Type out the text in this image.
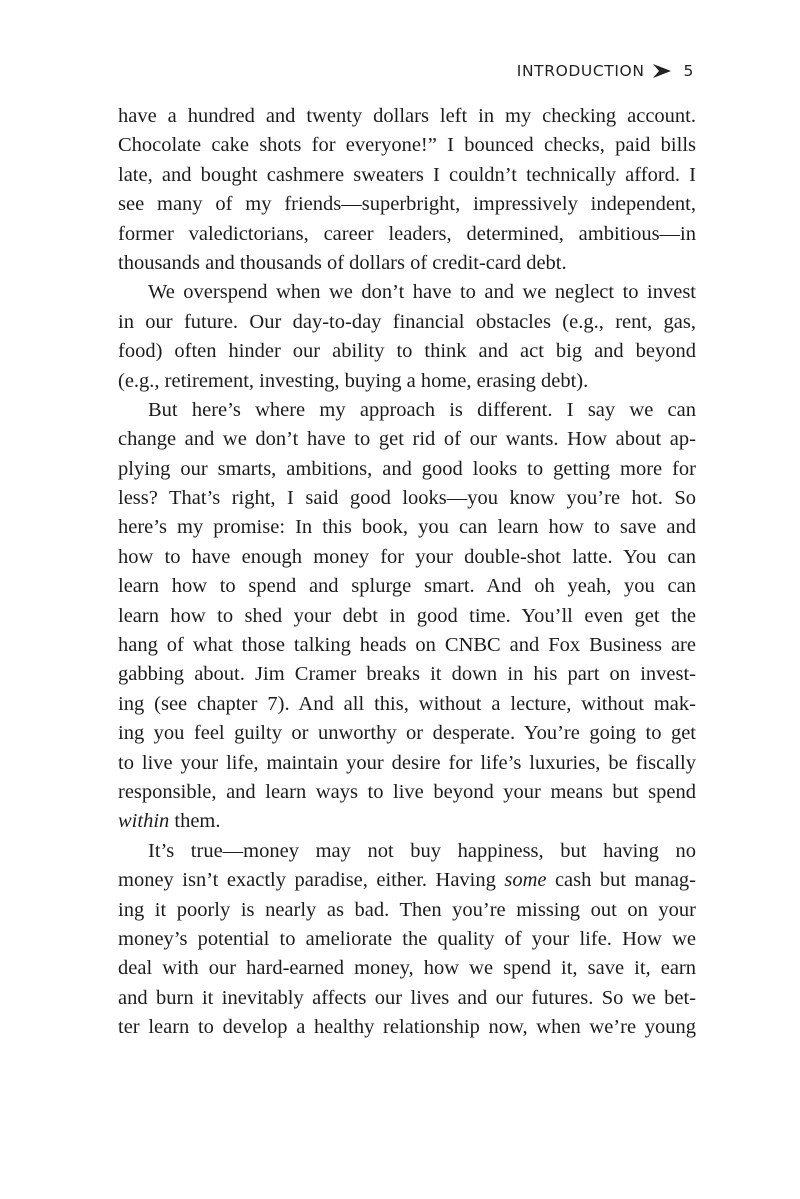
INTRODUCTION	5
have a hundred and twenty dollars left in my checking account.
Chocolate cake shots for everyone!” I bounced checks, paid bills
late, and bought cashmere sweaters I couldn’t technically afford. I
see many of my friends—superbright, impressively independent,
former valedictorians, career leaders, determined, ambitious—in
thousands and thousands of dollars of credit-card debt.
We overspend when we don’t have to and we neglect to invest
in our future. Our day-to-day financial obstacles (e.g., rent, gas,
food) often hinder our ability to think and act big and beyond
(e.g., retirement, investing, buying a home, erasing debt).
But here’s where my approach is different. I say we can
change and we don’t have to get rid of our wants. How about ap-
plying our smarts, ambitions, and good looks to getting more for
less? That’s right, I said good looks—you know you’re hot. So
here’s my promise: In this book, you can learn how to save and
how to have enough money for your double-shot latte. You can
learn how to spend and splurge smart. And oh yeah, you can
learn how to shed your debt in good time. You’ll even get the
hang of what those talking heads on CNBC and Fox Business are
gabbing about. Jim Cramer breaks it down in his part on invest-
ing (see chapter 7). And all this, without a lecture, without mak-
ing you feel guilty or unworthy or desperate. You’re going to get
to live your life, maintain your desire for life’s luxuries, be fiscally
responsible, and learn ways to live beyond your means but spend
within them.
It’s true—money may not buy happiness, but having no
money isn’t exactly paradise, either. Having some cash but manag-
ing it poorly is nearly as bad. Then you’re missing out on your
money’s potential to ameliorate the quality of your life. How we
deal with our hard-earned money, how we spend it, save it, earn
and burn it inevitably affects our lives and our futures. So we bet-
ter learn to develop a healthy relationship now, when we’re young
